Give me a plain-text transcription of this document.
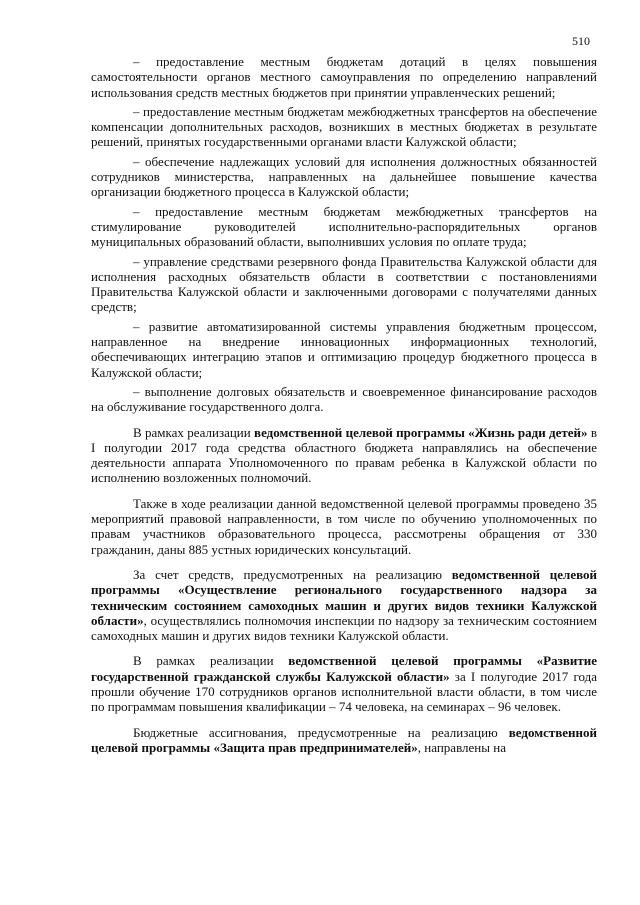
510

– предоставление местным бюджетам дотаций в целях повышения самостоятельности органов местного самоуправления по определению направлений использования средств местных бюджетов при принятии управленческих решений;

– предоставление местным бюджетам межбюджетных трансфертов на обеспечение компенсации дополнительных расходов, возникших в местных бюджетах в результате решений, принятых государственными органами власти Калужской области;

– обеспечение надлежащих условий для исполнения должностных обязанностей сотрудников министерства, направленных на дальнейшее повышение качества организации бюджетного процесса в Калужской области;

– предоставление местным бюджетам межбюджетных трансфертов на стимулирование руководителей исполнительно-распорядительных органов муниципальных образований области, выполнивших условия по оплате труда;

– управление средствами резервного фонда Правительства Калужской области для исполнения расходных обязательств области в соответствии с постановлениями Правительства Калужской области и заключенными договорами с получателями данных средств;

– развитие автоматизированной системы управления бюджетным процессом, направленное на внедрение инновационных информационных технологий, обеспечивающих интеграцию этапов и оптимизацию процедур бюджетного процесса в Калужской области;

– выполнение долговых обязательств и своевременное финансирование расходов на обслуживание государственного долга.

В рамках реализации ведомственной целевой программы «Жизнь ради детей» в I полугодии 2017 года средства областного бюджета направлялись на обеспечение деятельности аппарата Уполномоченного по правам ребенка в Калужской области по исполнению возложенных полномочий.

Также в ходе реализации данной ведомственной целевой программы проведено 35 мероприятий правовой направленности, в том числе по обучению уполномоченных по правам участников образовательного процесса, рассмотрены обращения от 330 гражданин, даны 885 устных юридических консультаций.

За счет средств, предусмотренных на реализацию ведомственной целевой программы «Осуществление регионального государственного надзора за техническим состоянием самоходных машин и других видов техники Калужской области», осуществлялись полномочия инспекции по надзору за техническим состоянием самоходных машин и других видов техники Калужской области.

В рамках реализации ведомственной целевой программы «Развитие государственной гражданской службы Калужской области» за I полугодие 2017 года прошли обучение 170 сотрудников органов исполнительной власти области, в том числе по программам повышения квалификации – 74 человека, на семинарах – 96 человек.

Бюджетные ассигнования, предусмотренные на реализацию ведомственной целевой программы «Защита прав предпринимателей», направлены на
